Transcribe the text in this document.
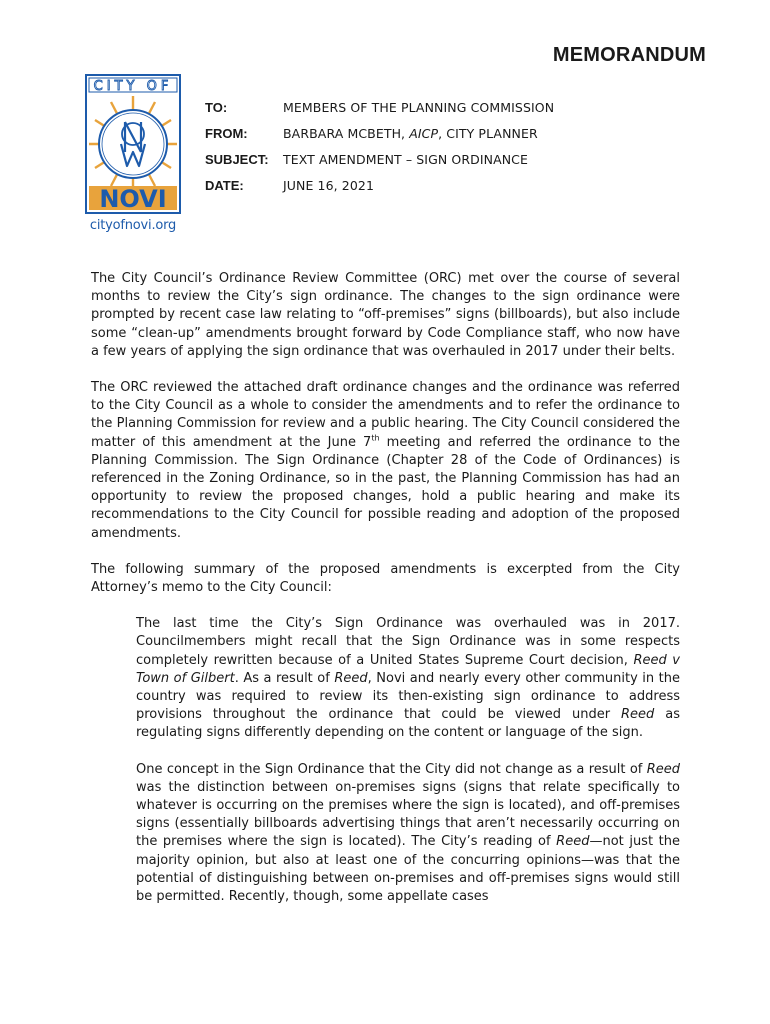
MEMORANDUM
CITY OF
NOVI
cityofnovi.org
TO:	MEMBERS OF THE PLANNING COMMISSION
FROM:	BARBARA MCBETH, AICP, CITY PLANNER
SUBJECT:	TEXT AMENDMENT – SIGN ORDINANCE
DATE:	JUNE 16, 2021

The City Council’s Ordinance Review Committee (ORC) met over the course of several months to review the City’s sign ordinance. The changes to the sign ordinance were prompted by recent case law relating to “off-premises” signs (billboards), but also include some “clean-up” amendments brought forward by Code Compliance staff, who now have a few years of applying the sign ordinance that was overhauled in 2017 under their belts.

The ORC reviewed the attached draft ordinance changes and the ordinance was referred to the City Council as a whole to consider the amendments and to refer the ordinance to the Planning Commission for review and a public hearing. The City Council considered the matter of this amendment at the June 7th meeting and referred the ordinance to the Planning Commission. The Sign Ordinance (Chapter 28 of the Code of Ordinances) is referenced in the Zoning Ordinance, so in the past, the Planning Commission has had an opportunity to review the proposed changes, hold a public hearing and make its recommendations to the City Council for possible reading and adoption of the proposed amendments.

The following summary of the proposed amendments is excerpted from the City Attorney’s memo to the City Council:

The last time the City’s Sign Ordinance was overhauled was in 2017. Councilmembers might recall that the Sign Ordinance was in some respects completely rewritten because of a United States Supreme Court decision, Reed v Town of Gilbert. As a result of Reed, Novi and nearly every other community in the country was required to review its then-existing sign ordinance to address provisions throughout the ordinance that could be viewed under Reed as regulating signs differently depending on the content or language of the sign.

One concept in the Sign Ordinance that the City did not change as a result of Reed was the distinction between on-premises signs (signs that relate specifically to whatever is occurring on the premises where the sign is located), and off-premises signs (essentially billboards advertising things that aren’t necessarily occurring on the premises where the sign is located). The City’s reading of Reed—not just the majority opinion, but also at least one of the concurring opinions—was that the potential of distinguishing between on-premises and off-premises signs would still be permitted. Recently, though, some appellate cases
